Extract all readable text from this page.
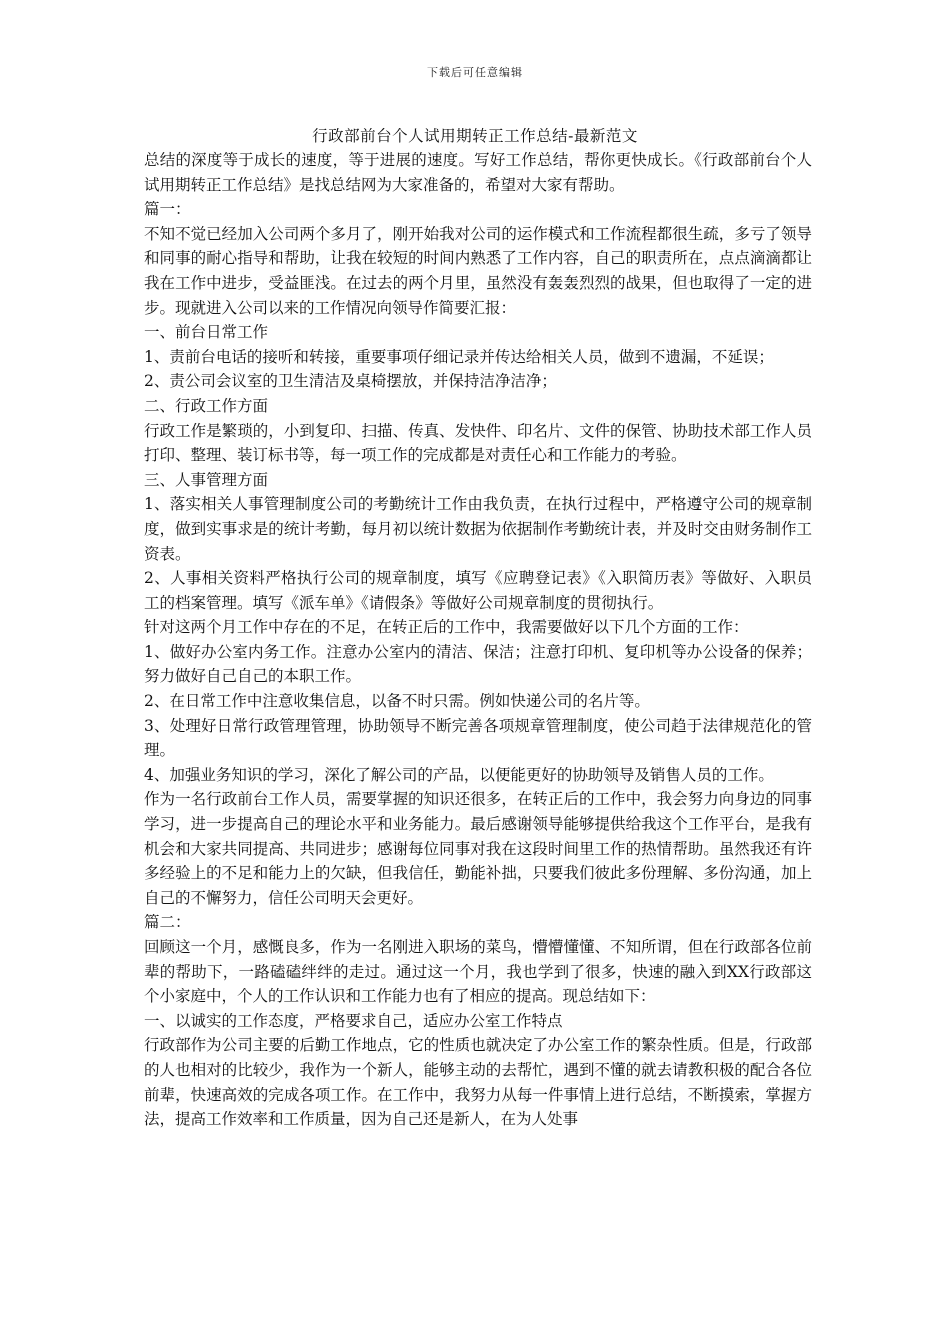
下载后可任意编辑
行政部前台个人试用期转正工作总结-最新范文

总结的深度等于成长的速度，等于进展的速度。写好工作总结，帮你更快成长。《行政部前台个人试用期转正工作总结》是找总结网为大家准备的，希望对大家有帮助。

篇一：

不知不觉已经加入公司两个多月了，刚开始我对公司的运作模式和工作流程都很生疏，多亏了领导和同事的耐心指导和帮助，让我在较短的时间内熟悉了工作内容，自己的职责所在，点点滴滴都让我在工作中进步，受益匪浅。在过去的两个月里，虽然没有轰轰烈烈的战果，但也取得了一定的进步。现就进入公司以来的工作情况向领导作简要汇报：

一、前台日常工作

1、责前台电话的接听和转接，重要事项仔细记录并传达给相关人员，做到不遗漏，不延误；

2、责公司会议室的卫生清洁及桌椅摆放，并保持洁净洁净；

二、行政工作方面

行政工作是繁琐的，小到复印、扫描、传真、发快件、印名片、文件的保管、协助技术部工作人员打印、整理、装订标书等，每一项工作的完成都是对责任心和工作能力的考验。

三、人事管理方面

1、落实相关人事管理制度公司的考勤统计工作由我负责，在执行过程中，严格遵守公司的规章制度，做到实事求是的统计考勤，每月初以统计数据为依据制作考勤统计表，并及时交由财务制作工资表。

2、人事相关资料严格执行公司的规章制度，填写《应聘登记表》《入职简历表》等做好、入职员工的档案管理。填写《派车单》《请假条》等做好公司规章制度的贯彻执行。

针对这两个月工作中存在的不足，在转正后的工作中，我需要做好以下几个方面的工作：

1、做好办公室内务工作。注意办公室内的清洁、保洁；注意打印机、复印机等办公设备的保养；努力做好自己自己的本职工作。

2、在日常工作中注意收集信息，以备不时只需。例如快递公司的名片等。

3、处理好日常行政管理管理，协助领导不断完善各项规章管理制度，使公司趋于法律规范化的管理。

4、加强业务知识的学习，深化了解公司的产品，以便能更好的协助领导及销售人员的工作。

作为一名行政前台工作人员，需要掌握的知识还很多，在转正后的工作中，我会努力向身边的同事学习，进一步提高自己的理论水平和业务能力。最后感谢领导能够提供给我这个工作平台，是我有机会和大家共同提高、共同进步；感谢每位同事对我在这段时间里工作的热情帮助。虽然我还有许多经验上的不足和能力上的欠缺，但我信任，勤能补拙，只要我们彼此多份理解、多份沟通，加上自己的不懈努力，信任公司明天会更好。

篇二：

回顾这一个月，感慨良多，作为一名刚进入职场的菜鸟，懵懵懂懂、不知所谓，但在行政部各位前辈的帮助下，一路磕磕绊绊的走过。通过这一个月，我也学到了很多，快速的融入到XX行政部这个小家庭中，个人的工作认识和工作能力也有了相应的提高。现总结如下：

一、以诚实的工作态度，严格要求自己，适应办公室工作特点

行政部作为公司主要的后勤工作地点，它的性质也就决定了办公室工作的繁杂性质。但是，行政部的人也相对的比较少，我作为一个新人，能够主动的去帮忙，遇到不懂的就去请教积极的配合各位前辈，快速高效的完成各项工作。在工作中，我努力从每一件事情上进行总结，不断摸索，掌握方法，提高工作效率和工作质量，因为自己还是新人，在为人处事
